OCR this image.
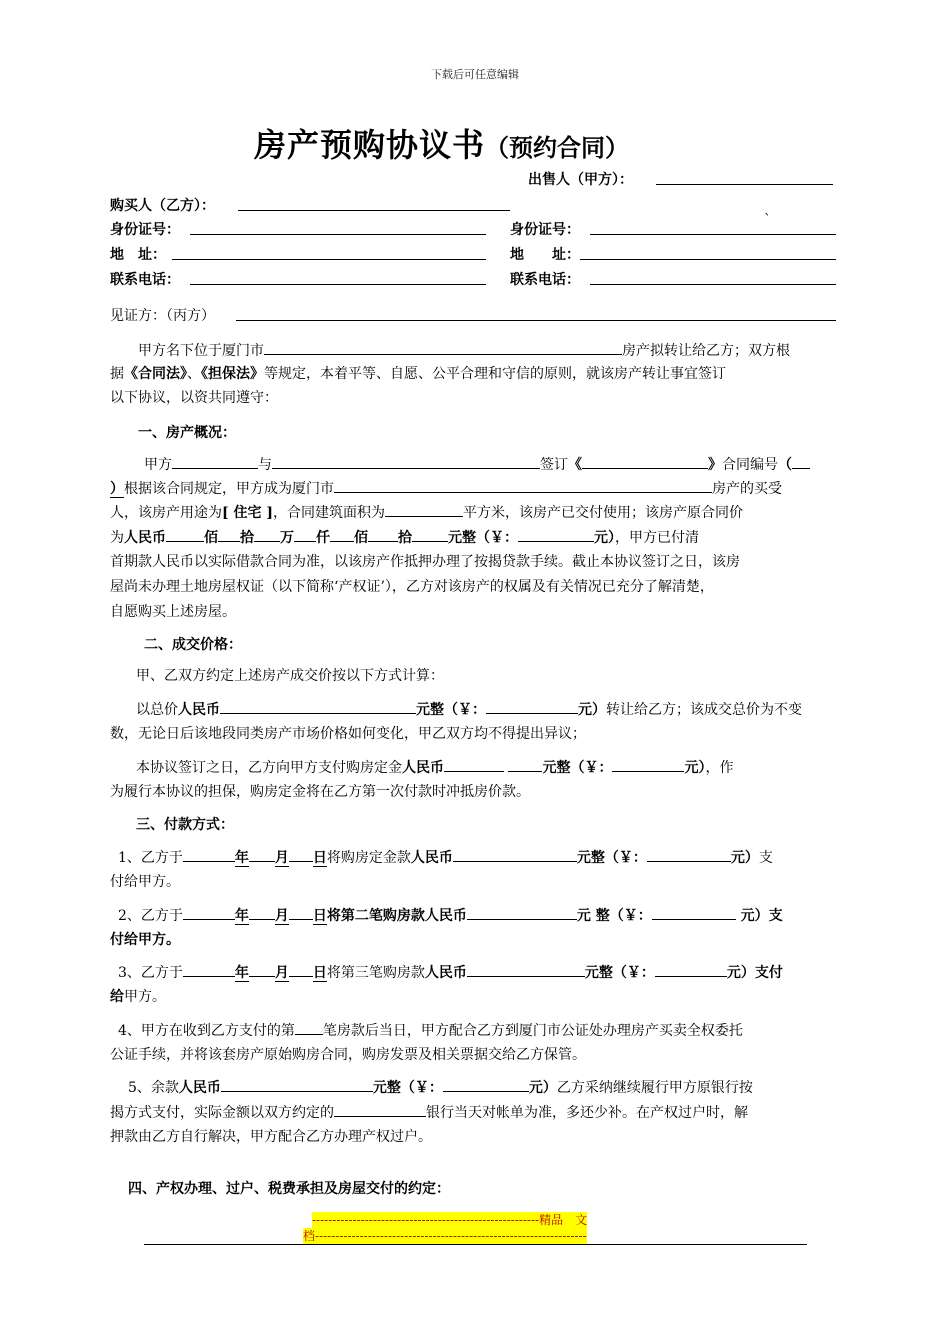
下载后可任意编辑
房产预购协议书（预约合同）
出售人（甲方）：
购买人（乙方）：
身份证号：	身份证号：
`
地　址：	地　　址：
联系电话：	联系电话：
见证方：（丙方）
甲方名下位于厦门市	房产拟转让给乙方；双方根
据《合同法》、《担保法》等规定，本着平等、自愿、公平合理和守信的原则，就该房产转让事宜签订
以下协议，以资共同遵守：
一、房产概况：
甲方	与	签订《	》合同编号（
）根据该合同规定，甲方成为厦门市	房产的买受
人，该房产用途为[ 住宅 ]，合同建筑面积为	平方米，该房产已交付使用；该房产原合同价
为人民币	佰 拾 万 仟 佰 拾	元整（￥：	元），甲方已付清
首期款人民币以实际借款合同为准，以该房产作抵押办理了按揭贷款手续。截止本协议签订之日，该房
屋尚未办理土地房屋权证（以下简称‘产权证’），乙方对该房产的权属及有关情况已充分了解清楚，
自愿购买上述房屋。
二、成交价格：
甲、乙双方约定上述房产成交价按以下方式计算：
以总价人民币	元整（￥：	元）转让给乙方；该成交总价为不变
数，无论日后该地段同类房产市场价格如何变化，甲乙双方均不得提出异议；
本协议签订之日，乙方向甲方支付购房定金人民币	元整（￥：	元），作
为履行本协议的担保，购房定金将在乙方第一次付款时冲抵房价款。
三、付款方式：
1、乙方于	年 月 日将购房定金款人民币	元整（￥：	元）支
付给甲方。
2、乙方于	年 月 日将第二笔购房款人民币	元 整（￥：	元）支
付给甲方。
3、乙方于	年 月 日将第三笔购房款人民币	元整（￥：	元）支付
给甲方。
4、甲方在收到乙方支付的第 笔房款后当日，甲方配合乙方到厦门市公证处办理房产买卖全权委托
公证手续，并将该套房产原始购房合同，购房发票及相关票据交给乙方保管。
5、余款人民币	元整（￥：	元）乙方采纳继续履行甲方原银行按
揭方式支付，实际金额以双方约定的	银行当天对帐单为准，多还少补。在产权过户时，解
押款由乙方自行解决，甲方配合乙方办理产权过户。
四、产权办理、过户、税费承担及房屋交付的约定：
--------------------------------------------------------精品　文
档-------------------------------------------------------------------
